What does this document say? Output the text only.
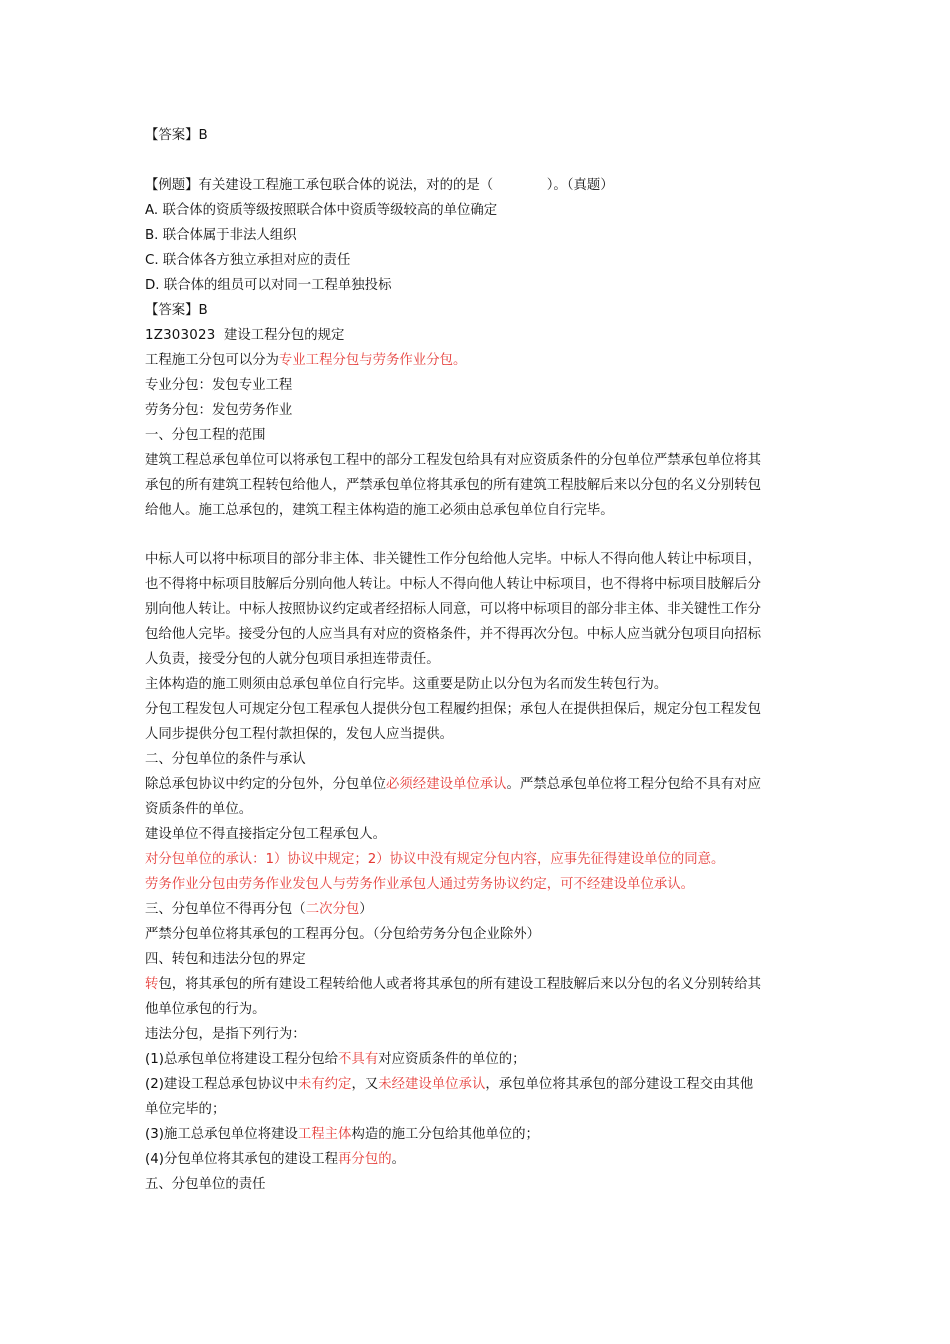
【答案】B
【例题】有关建设工程施工承包联合体的说法，对的的是（　　　　）。（真题）
A. 联合体的资质等级按照联合体中资质等级较高的单位确定
B. 联合体属于非法人组织
C. 联合体各方独立承担对应的责任
D. 联合体的组员可以对同一工程单独投标
【答案】B
1Z303023 建设工程分包的规定
工程施工分包可以分为专业工程分包与劳务作业分包。
专业分包：发包专业工程
劳务分包：发包劳务作业
一、分包工程的范围
建筑工程总承包单位可以将承包工程中的部分工程发包给具有对应资质条件的分包单位严禁承包单位将其
承包的所有建筑工程转包给他人，严禁承包单位将其承包的所有建筑工程肢解后来以分包的名义分别转包
给他人。施工总承包的，建筑工程主体构造的施工必须由总承包单位自行完毕。
中标人可以将中标项目的部分非主体、非关键性工作分包给他人完毕。中标人不得向他人转让中标项目，
也不得将中标项目肢解后分别向他人转让。中标人不得向他人转让中标项目，也不得将中标项目肢解后分
别向他人转让。中标人按照协议约定或者经招标人同意，可以将中标项目的部分非主体、非关键性工作分
包给他人完毕。接受分包的人应当具有对应的资格条件，并不得再次分包。中标人应当就分包项目向招标
人负责，接受分包的人就分包项目承担连带责任。
主体构造的施工则须由总承包单位自行完毕。这重要是防止以分包为名而发生转包行为。
分包工程发包人可规定分包工程承包人提供分包工程履约担保；承包人在提供担保后，规定分包工程发包
人同步提供分包工程付款担保的，发包人应当提供。
二、分包单位的条件与承认
除总承包协议中约定的分包外，分包单位必须经建设单位承认。严禁总承包单位将工程分包给不具有对应
资质条件的单位。
建设单位不得直接指定分包工程承包人。
对分包单位的承认：1）协议中规定；2）协议中没有规定分包内容，应事先征得建设单位的同意。
劳务作业分包由劳务作业发包人与劳务作业承包人通过劳务协议约定，可不经建设单位承认。
三、分包单位不得再分包（二次分包）
严禁分包单位将其承包的工程再分包。（分包给劳务分包企业除外）
四、转包和违法分包的界定
转包，将其承包的所有建设工程转给他人或者将其承包的所有建设工程肢解后来以分包的名义分别转给其
他单位承包的行为。
违法分包，是指下列行为：
(1)总承包单位将建设工程分包给不具有对应资质条件的单位的；
(2)建设工程总承包协议中未有约定，又未经建设单位承认，承包单位将其承包的部分建设工程交由其他
单位完毕的；
(3)施工总承包单位将建设工程主体构造的施工分包给其他单位的；
(4)分包单位将其承包的建设工程再分包的。
五、分包单位的责任
